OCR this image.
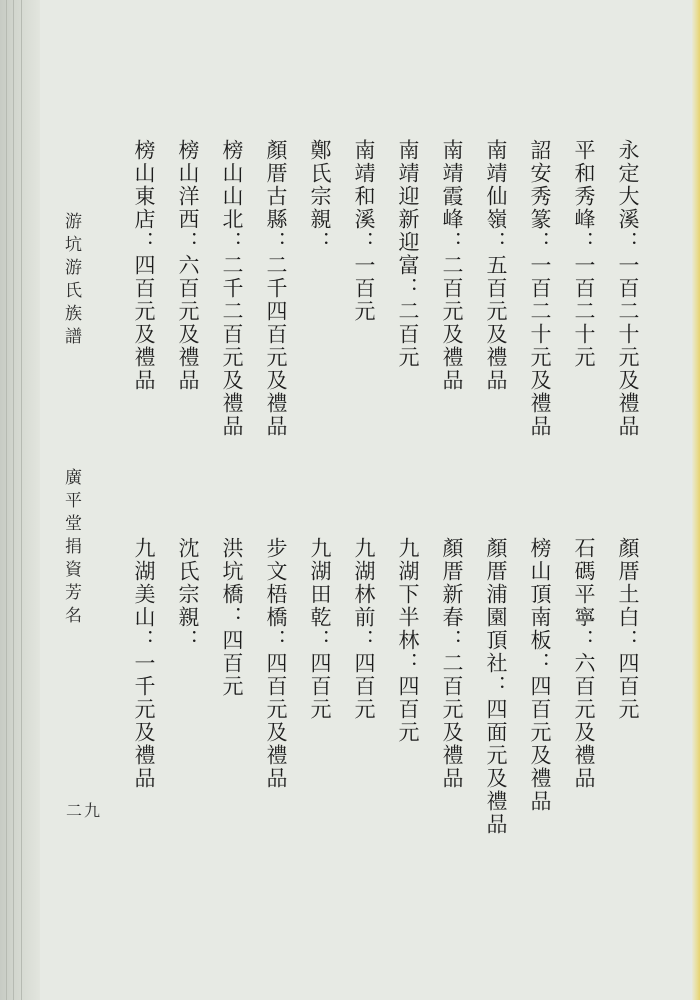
游坑游氏族譜
廣平堂捐資芳名
二九
永定大溪：一百二十元及禮品
平和秀峰：一百二十元
詔安秀篆：一百二十元及禮品
南靖仙嶺：五百元及禮品
南靖霞峰：二百元及禮品
南靖迎新迎富：二百元
南靖和溪：一百元
鄭氏宗親：
顏厝古縣：二千四百元及禮品
榜山山北：二千二百元及禮品
榜山洋西：六百元及禮品
榜山東店：四百元及禮品
顏厝土白：四百元
石碼平寧：六百元及禮品
榜山頂南板：四百元及禮品
顏厝浦園頂社：四面元及禮品
顏厝新春：二百元及禮品
九湖下半林：四百元
九湖林前：四百元
九湖田乾：四百元
步文梧橋：四百元及禮品
洪坑橋：四百元
沈氏宗親：
九湖美山：一千元及禮品
